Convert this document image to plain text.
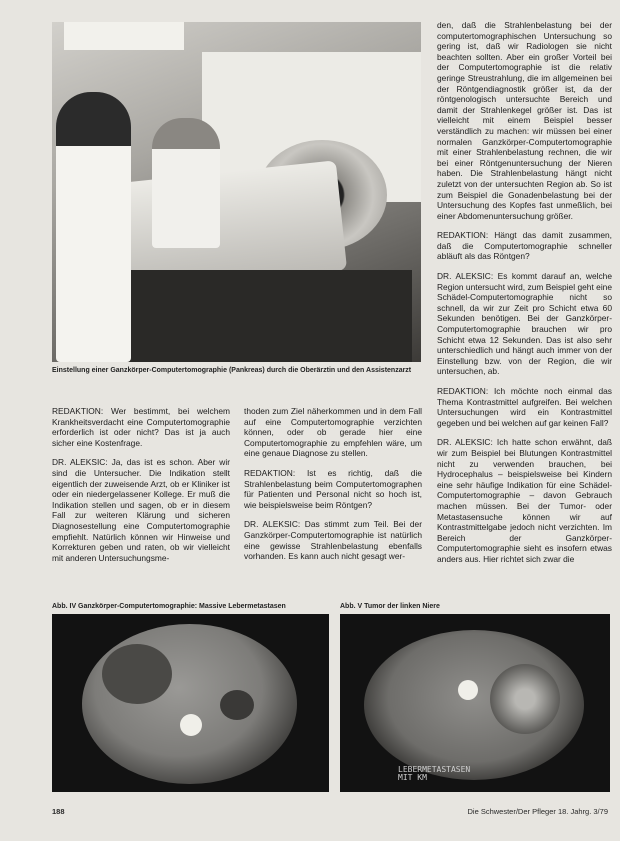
Einstellung einer Ganzkörper-Computertomographie (Pankreas) durch die Oberärztin und den Assistenzarzt

den, daß die Strahlenbelastung bei der computertomographischen Untersuchung so gering ist, daß wir Radiologen sie nicht beachten sollten. Aber ein großer Vorteil bei der Computertomographie ist die relativ geringe Streustrahlung, die im allgemeinen bei der Röntgendiagnostik größer ist, da der röntgenologisch untersuchte Bereich und damit der Strahlenkegel größer ist. Das ist vielleicht mit einem Beispiel besser verständlich zu machen: wir müssen bei einer normalen Ganzkörper-Computertomographie mit einer Strahlenbelastung rechnen, die wir bei einer Röntgenuntersuchung der Nieren haben. Die Strahlenbelastung hängt nicht zuletzt von der untersuchten Region ab. So ist zum Beispiel die Gonadenbelastung bei der Untersuchung des Kopfes fast unmeßlich, bei einer Abdomenuntersuchung größer.

REDAKTION: Hängt das damit zusammen, daß die Computertomographie schneller abläuft als das Röntgen?

DR. ALEKSIC: Es kommt darauf an, welche Region untersucht wird, zum Beispiel geht eine Schädel-Computertomographie nicht so schnell, da wir zur Zeit pro Schicht etwa 60 Sekunden benötigen. Bei der Ganzkörper-Computertomographie brauchen wir pro Schicht etwa 12 Sekunden. Das ist also sehr unterschiedlich und hängt auch immer von der Einstellung bzw. von der Region, die wir untersuchen, ab.

REDAKTION: Ich möchte noch einmal das Thema Kontrastmittel aufgreifen. Bei welchen Untersuchungen wird ein Kontrastmittel gegeben und bei welchen auf gar keinen Fall?

DR. ALEKSIC: Ich hatte schon erwähnt, daß wir zum Beispiel bei Blutungen Kontrastmittel nicht zu verwenden brauchen, bei Hydrocephalus – beispielsweise bei Kindern eine sehr häufige Indikation für eine Schädel-Computertomographie – davon Gebrauch machen müssen. Bei der Tumor- oder Metastasensuche können wir auf Kontrastmittelgabe jedoch nicht verzichten. Im Bereich der Ganzkörper-Computertomographie sieht es insofern etwas anders aus. Hier richtet sich zwar die

REDAKTION: Wer bestimmt, bei welchem Krankheitsverdacht eine Computertomographie erforderlich ist oder nicht? Das ist ja auch sicher eine Kostenfrage.

DR. ALEKSIC: Ja, das ist es schon. Aber wir sind die Untersucher. Die Indikation stellt eigentlich der zuweisende Arzt, ob er Kliniker ist oder ein niedergelassener Kollege. Er muß die Indikation stellen und sagen, ob er in diesem Fall zur weiteren Klärung und sicheren Diagnosestellung eine Computertomographie empfiehlt. Natürlich können wir Hinweise und Korrekturen geben und raten, ob wir vielleicht mit anderen Untersuchungsme-

thoden zum Ziel näherkommen und in dem Fall auf eine Computertomographie verzichten können, oder ob gerade hier eine Computertomographie zu empfehlen wäre, um eine genaue Diagnose zu stellen.

REDAKTION: Ist es richtig, daß die Strahlenbelastung beim Computertomographen für Patienten und Personal nicht so hoch ist, wie beispielsweise beim Röntgen?

DR. ALEKSIC: Das stimmt zum Teil. Bei der Ganzkörper-Computertomographie ist natürlich eine gewisse Strahlenbelastung ebenfalls vorhanden. Es kann auch nicht gesagt wer-

Abb. IV Ganzkörper-Computertomographie: Massive Lebermetastasen	Abb. V Tumor der linken Niere
LEBERMETASTASEN
MIT KM
188	Die Schwester/Der Pfleger 18. Jahrg. 3/79
